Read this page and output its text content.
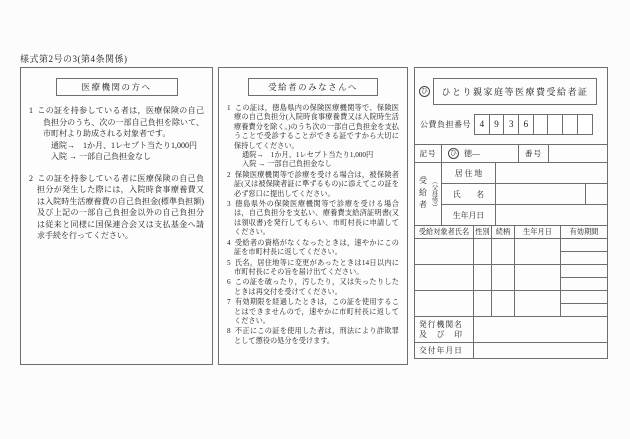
様式第2号の3(第4条関係)
医療機関の方へ
1 この証を持参している者は，医療保険の自己負担分のうち、次の一部自己負担を除いて、市町村より助成される対象者です。
通院→　1か月、1レセプト当たり1,000円
入院 → 一部自己負担金なし
2 この証を持参している者に医療保険の自己負担分が発生した際には，入院時食事療養費又は入院時生活療養費の自己負担金(標準負担額)及び上記の一部自己負担金以外の自己負担分は従来と同様に国保連合会又は支払基金へ請求手続を行ってください。
受給者のみなさんへ
1 この証は，徳島県内の保険医療機関等で、保険医療の自己負担分(入院時食事療養費又は入院時生活療養費分を除く。)のうち次の一部自己負担金を支払うことで受診することができる証ですから大切に保持してください。
通院→　1か月、1レセプト当たり1,000円
入院 → 一部自己負担金なし
2 保険医療機関等で診療を受ける場合は，被保険者証(又は被保険者証に準ずるもの)に添えてこの証を必ず窓口に提出してください。
3 徳島県外の保険医療機関等で診療を受ける場合は，自己負担分を支払い、療養費支給済証明書(又は領収書)を発行してもらい、市町村長に申請してください。
4 受給者の資格がなくなったときは，速やかにこの証を市町村長に返してください。
5 氏名，居住地等に変更があったときは14日以内に市町村長にその旨を届け出てください。
6 この証を破ったり，汚したり，又は失ったりしたときは再交付を受けてください。
7 有効期限を経過したときは，この証を使用することはできませんので，速やかに市町村長に返してください。
8 不正にこの証を使用した者は，刑法により詐欺罪として懲役の処分を受けます。
ひ ひとり親家庭等医療費受給者証
公費負担番号 4	9	3	6
記号	ひ 徳―	番号
受給者 （父母等）
居 住 地
氏　　名
生年月日
受給対象者氏名 性別 続柄	生年月日	有効期間
発行機関名
及　び　印
交付年月日
